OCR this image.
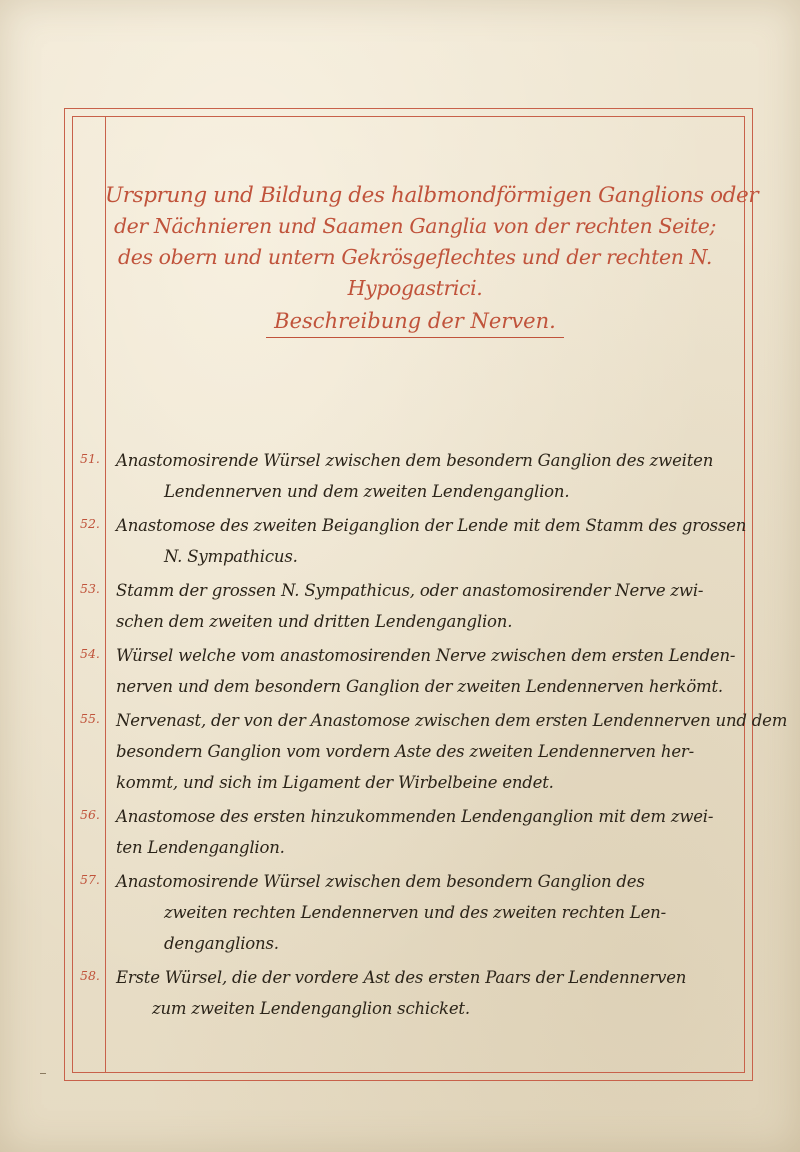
Ursprung und Bildung des halbmondförmigen Ganglions oder
der Nächnieren und Saamen Ganglia von der rechten Seite;
des obern und untern Gekrösgeflechtes und der rechten N.
Hypogastrici.
Beschreibung der Nerven.
51. Anastomosirende Würsel zwischen dem besondern Ganglion des zweiten
Lendennerven und dem zweiten Lendenganglion.
52. Anastomose des zweiten Beiganglion der Lende mit dem Stamm des grossen
N. Sympathicus.
53. Stamm der grossen N. Sympathicus, oder anastomosirender Nerve zwi-
schen dem zweiten und dritten Lendenganglion.
54. Würsel welche vom anastomosirenden Nerve zwischen dem ersten Lenden-
nerven und dem besondern Ganglion der zweiten Lendennerven herkömt.
55. Nervenast, der von der Anastomose zwischen dem ersten Lendennerven und dem
besondern Ganglion vom vordern Aste des zweiten Lendennerven her-
kommt, und sich im Ligament der Wirbelbeine endet.
56. Anastomose des ersten hinzukommenden Lendenganglion mit dem zwei-
ten Lendenganglion.
57. Anastomosirende Würsel zwischen dem besondern Ganglion des
zweiten rechten Lendennerven und des zweiten rechten Len-
denganglions.
58. Erste Würsel, die der vordere Ast des ersten Paars der Lendennerven
zum zweiten Lendenganglion schicket.
